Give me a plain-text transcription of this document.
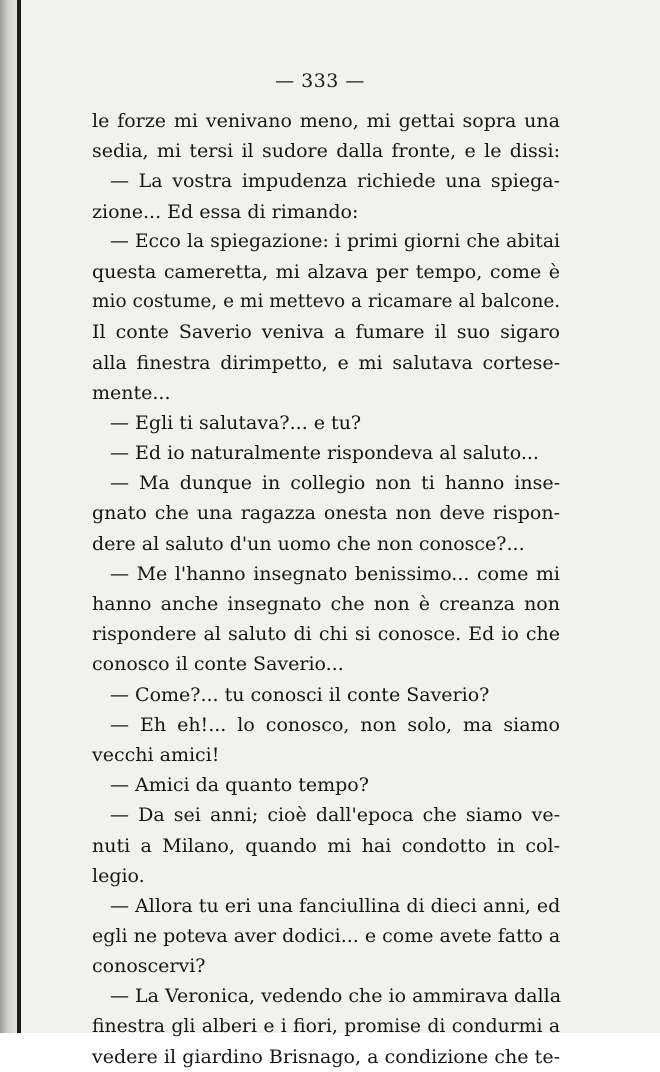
— 333 —
le forze mi venivano meno, mi gettai sopra una
sedia, mi tersi il sudore dalla fronte, e le dissi:
— La vostra impudenza richiede una spiega-
zione... Ed essa di rimando:
— Ecco la spiegazione: i primi giorni che abitai
questa cameretta, mi alzava per tempo, come è
mio costume, e mi mettevo a ricamare al balcone.
Il conte Saverio veniva a fumare il suo sigaro
alla finestra dirimpetto, e mi salutava cortese-
mente...
— Egli ti salutava?... e tu?
— Ed io naturalmente rispondeva al saluto...
— Ma dunque in collegio non ti hanno inse-
gnato che una ragazza onesta non deve rispon-
dere al saluto d'un uomo che non conosce?...
— Me l'hanno insegnato benissimo... come mi
hanno anche insegnato che non è creanza non
rispondere al saluto di chi si conosce. Ed io che
conosco il conte Saverio...
— Come?... tu conosci il conte Saverio?
— Eh eh!... lo conosco, non solo, ma siamo
vecchi amici!
— Amici da quanto tempo?
— Da sei anni; cioè dall'epoca che siamo ve-
nuti a Milano, quando mi hai condotto in col-
legio.
— Allora tu eri una fanciullina di dieci anni, ed
egli ne poteva aver dodici... e come avete fatto a
conoscervi?
— La Veronica, vedendo che io ammirava dalla
finestra gli alberi e i fiori, promise di condurmi a
vedere il giardino Brisnago, a condizione che te-
